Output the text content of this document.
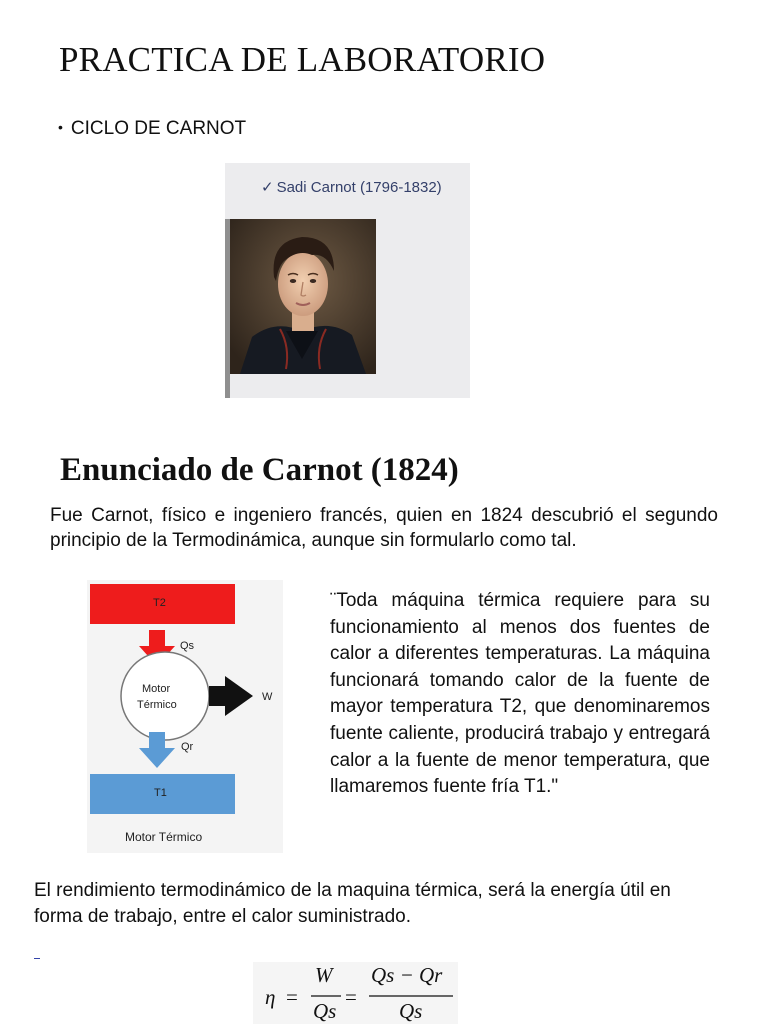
PRACTICA DE LABORATORIO
• CICLO DE CARNOT
✓ Sadi Carnot (1796-1832)
Enunciado de Carnot (1824)
Fue Carnot, físico e ingeniero francés, quien en 1824 descubrió el segundo principio de la Termodinámica, aunque sin formularlo como tal.
T2
Qs
Motor
Térmico
W
Qr
T1
Motor Térmico
¨Toda máquina térmica requiere para su funcionamiento al menos dos fuentes de calor a diferentes temperaturas. La máquina funcionará tomando calor de la fuente de mayor temperatura T2, que denominaremos fuente caliente, producirá trabajo y entregará calor a la fuente de menor temperatura, que llamaremos fuente fría T1."
El rendimiento termodinámico de la maquina térmica, será la energía útil en forma de trabajo, entre el calor suministrado.
η =
W
Qs
=
Qs − Qr
Qs
